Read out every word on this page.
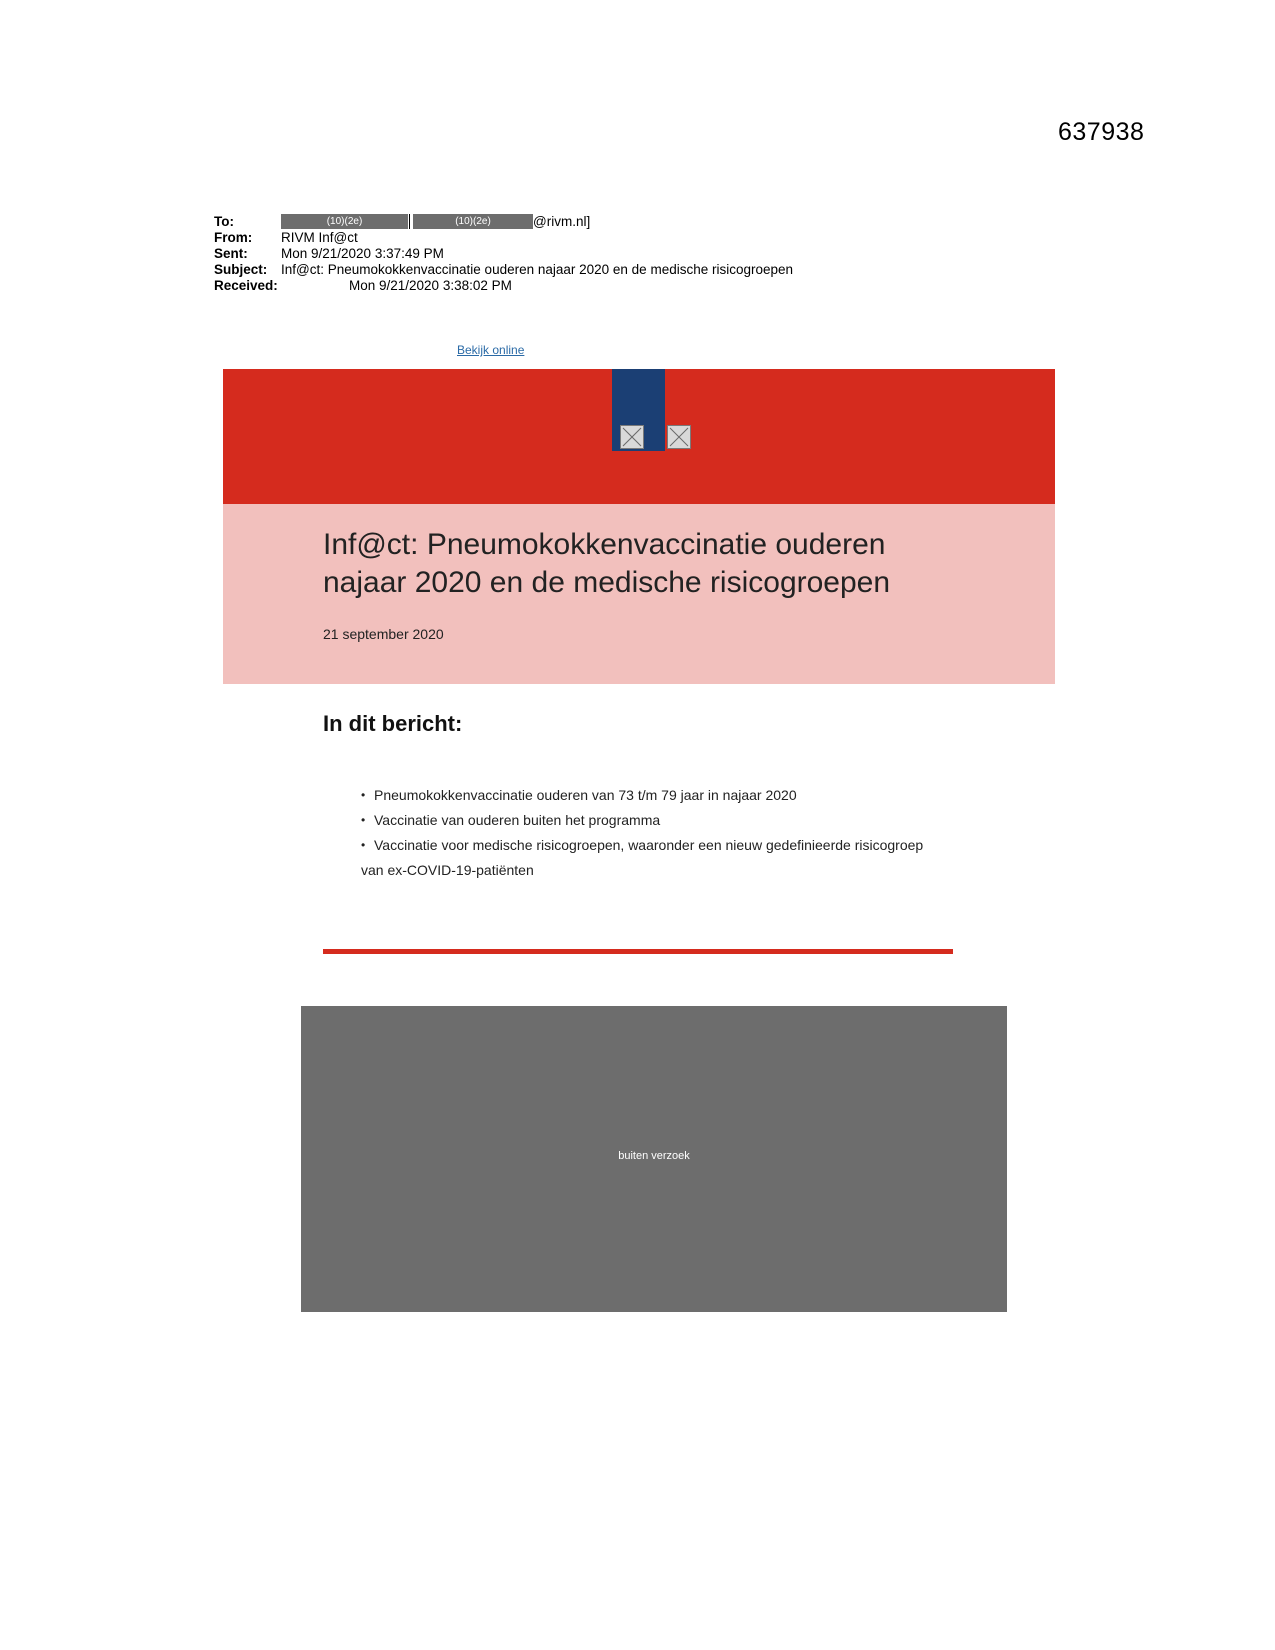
637938
To:	(10)(2e)	(10)(2e)	@rivm.nl]
From: RIVM Inf@ct
Sent: Mon 9/21/2020 3:37:49 PM
Subject: Inf@ct: Pneumokokkenvaccinatie ouderen najaar 2020 en de medische risicogroepen
Received:	Mon 9/21/2020 3:38:02 PM
Bekijk online
Inf@ct: Pneumokokkenvaccinatie ouderen najaar 2020 en de medische risicogroepen
21 september 2020
In dit bericht:
• Pneumokokkenvaccinatie ouderen van 73 t/m 79 jaar in najaar 2020
• Vaccinatie van ouderen buiten het programma
• Vaccinatie voor medische risicogroepen, waaronder een nieuw gedefinieerde risicogroep
van ex-COVID-19-patiënten
buiten verzoek
